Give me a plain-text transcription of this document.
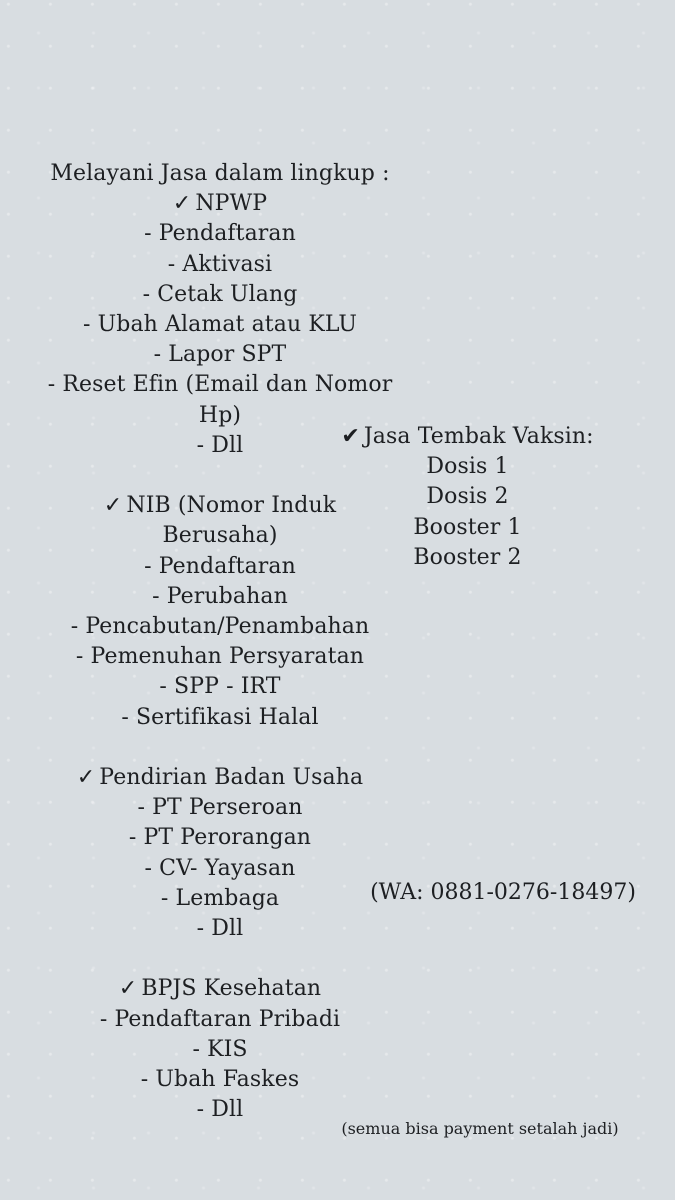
Melayani Jasa dalam lingkup :
✓ NPWP
- Pendaftaran
- Aktivasi
- Cetak Ulang
- Ubah Alamat atau KLU
- Lapor SPT
- Reset Efin (Email dan Nomor Hp)
- Dll
✓ NIB (Nomor Induk Berusaha)
- Pendaftaran
- Perubahan
- Pencabutan/Penambahan
- Pemenuhan Persyaratan
- SPP - IRT
- Sertifikasi Halal
✓ Pendirian Badan Usaha
- PT Perseroan
- PT Perorangan
- CV- Yayasan
- Lembaga
- Dll
✓ BPJS Kesehatan
- Pendaftaran Pribadi
- KIS
- Ubah Faskes
- Dll
✔ Jasa Tembak Vaksin:
Dosis 1
Dosis 2
Booster 1
Booster 2
(WA: 0881-0276-18497)
(semua bisa payment setalah jadi)
